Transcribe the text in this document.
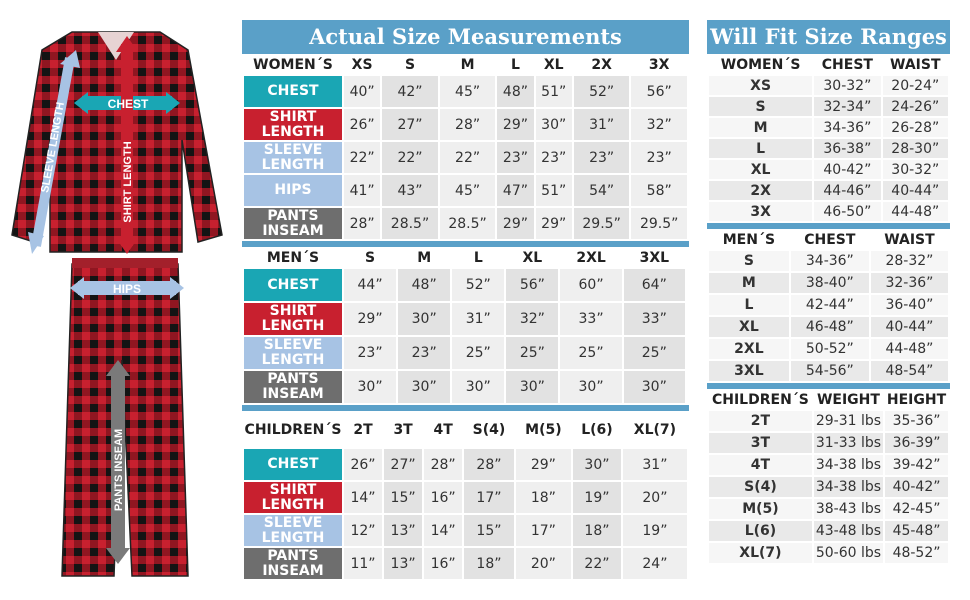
CHEST
HIPS
SLEEVE LENGTH	SHIRT LENGTH
PANTS INSEAM
Actual Size Measurements
WOMEN´S	XS	S	M	L	XL	2X	3X

CHEST	40”	42”	45”	48”	51”	52”	56”

SHIRT
LENGTH	26”	27”	28”	29”	30”	31”	32”

SLEEVE
LENGTH	22”	22”	22”	23”	23”	23”	23”

HIPS	41”	43”	45”	47”	51”	54”	58”

PANTS
INSEAM	28”	28.5”	28.5”	29”	29”	29.5”	29.5”
MEN´S	S	M	L	XL	2XL	3XL	

CHEST	44”	48”	52”	56”	60”	64”	

SHIRT
LENGTH	29”	30”	31”	32”	33”	33”	

SLEEVE
LENGTH	23”	23”	25”	25”	25”	25”	

PANTS
INSEAM	30”	30”	30”	30”	30”	30”	
CHILDREN´S	2T	3T	4T	S(4)	M(5)	L(6)	XL(7)

CHEST	26”	27”	28”	28”	29”	30”	31”

SHIRT
LENGTH	14”	15”	16”	17”	18”	19”	20”

SLEEVE
LENGTH	12”	13”	14”	15”	17”	18”	19”

PANTS
INSEAM	11”	13”	16”	18”	20”	22”	24”
Will Fit Size Ranges
WOMEN´S	CHEST	WAIST
XS	30-32”	20-24”
S	32-34”	24-26”
M	34-36”	26-28”
L	36-38”	28-30”
XL	40-42”	30-32”
2X	44-46”	40-44”
3X	46-50”	44-48”
MEN´S	CHEST	WAIST
S	34-36”	28-32”
M	38-40”	32-36”
L	42-44”	36-40”
XL	46-48”	40-44”
2XL	50-52”	44-48”
3XL	54-56”	48-54”
CHILDREN´S	WEIGHT	HEIGHT
2T	29-31 lbs	35-36”
3T	31-33 lbs	36-39”
4T	34-38 lbs	39-42”
S(4)	34-38 lbs	40-42”
M(5)	38-43 lbs	42-45”
L(6)	43-48 lbs	45-48”
XL(7)	50-60 lbs	48-52”
